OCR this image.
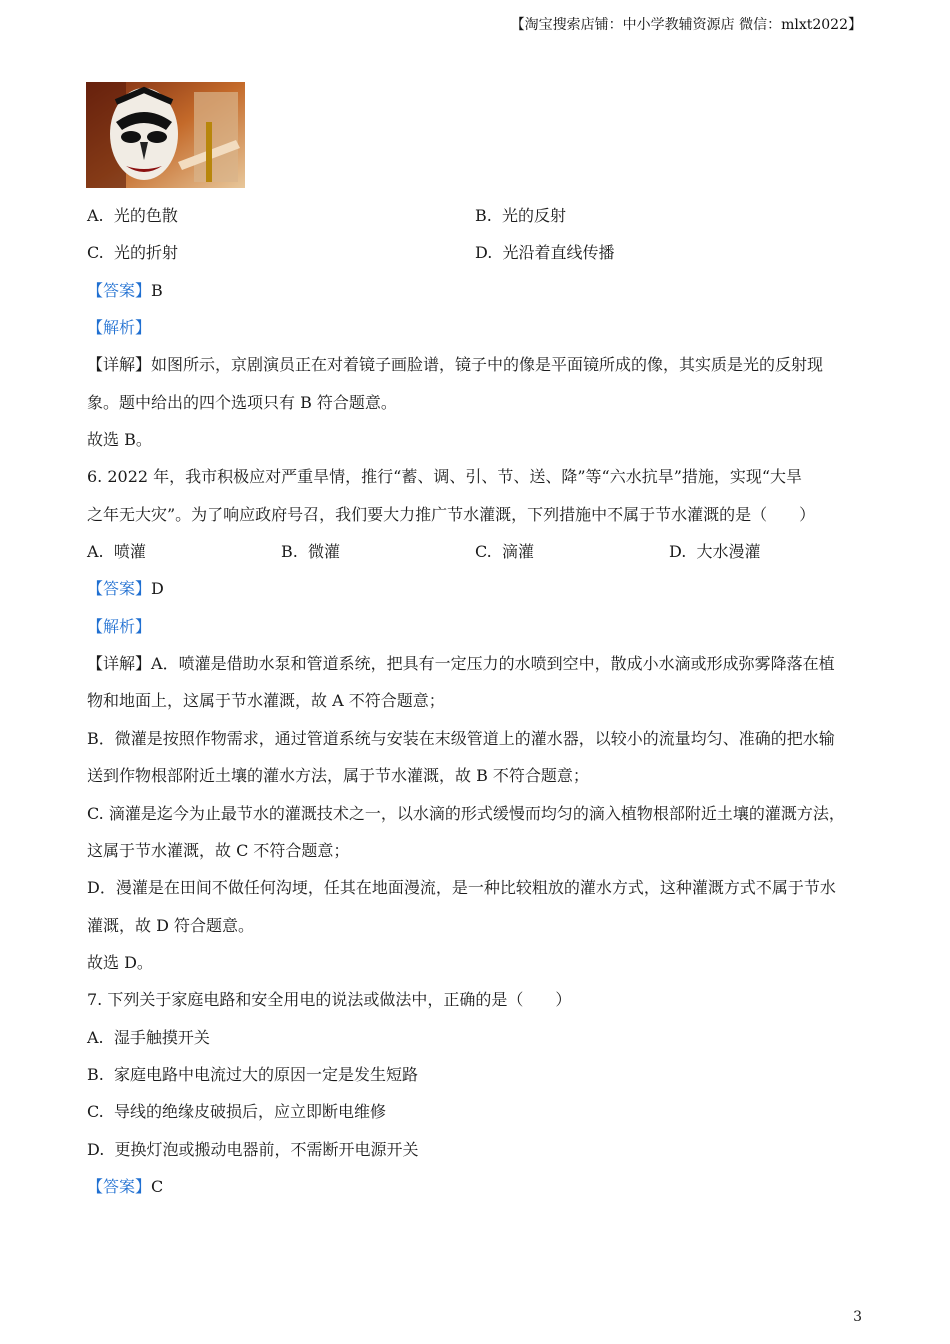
【淘宝搜索店铺：中小学教辅资源店 微信：mlxt2022】
A. 光的色散	B. 光的反射
C. 光的折射	D. 光沿着直线传播
【答案】B
【解析】
【详解】如图所示，京剧演员正在对着镜子画脸谱，镜子中的像是平面镜所成的像，其实质是光的反射现
象。题中给出的四个选项只有 B 符合题意。
故选 B。
6. 2022 年，我市积极应对严重旱情，推行“蓄、调、引、节、送、降”等“六水抗旱”措施，实现“大旱
之年无大灾”。为了响应政府号召，我们要大力推广节水灌溉，下列措施中不属于节水灌溉的是（　　）
A. 喷灌	B. 微灌	C. 滴灌	D. 大水漫灌
【答案】D
【解析】
【详解】A．喷灌是借助水泵和管道系统，把具有一定压力的水喷到空中，散成小水滴或形成弥雾降落在植
物和地面上，这属于节水灌溉，故 A 不符合题意；
B．微灌是按照作物需求，通过管道系统与安装在末级管道上的灌水器，以较小的流量均匀、准确的把水输
送到作物根部附近土壤的灌水方法，属于节水灌溉，故 B 不符合题意；
C. 滴灌是迄今为止最节水的灌溉技术之一，以水滴的形式缓慢而均匀的滴入植物根部附近土壤的灌溉方法，
这属于节水灌溉，故 C 不符合题意；
D．漫灌是在田间不做任何沟埂，任其在地面漫流，是一种比较粗放的灌水方式，这种灌溉方式不属于节水
灌溉，故 D 符合题意。
故选 D。
7. 下列关于家庭电路和安全用电的说法或做法中，正确的是（　　）
A. 湿手触摸开关
B. 家庭电路中电流过大的原因一定是发生短路
C. 导线的绝缘皮破损后，应立即断电维修
D. 更换灯泡或搬动电器前，不需断开电源开关
【答案】C
3
